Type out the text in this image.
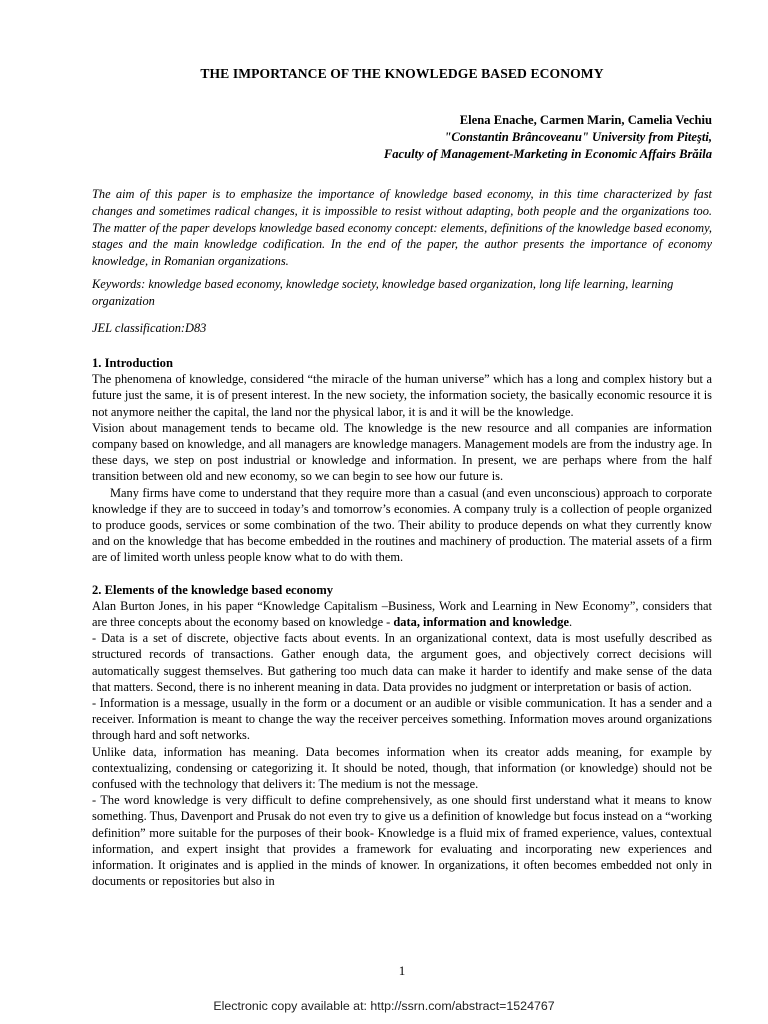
THE IMPORTANCE OF THE KNOWLEDGE BASED ECONOMY
Elena Enache, Carmen Marin, Camelia Vechiu
"Constantin Brâncoveanu" University from Piteşti,
Faculty of Management-Marketing in Economic Affairs Brăila
The aim of this paper is to emphasize the importance of knowledge based economy, in this time characterized by fast changes and sometimes radical changes, it is impossible to resist without adapting, both people and the organizations too. The matter of the paper develops knowledge based economy concept: elements, definitions of the knowledge based economy, stages and the main knowledge codification. In the end of the paper, the author presents the importance of economy knowledge, in Romanian organizations.
Keywords: knowledge based economy, knowledge society, knowledge based organization, long life learning, learning organization
JEL classification:D83
1. Introduction

The phenomena of knowledge, considered “the miracle of the human universe” which has a long and complex history but a future just the same, it is of present interest. In the new society, the information society, the basically economic resource it is not anymore neither the capital, the land nor the physical labor, it is and it will be the knowledge.

Vision about management tends to became old. The knowledge is the new resource and all companies are information company based on knowledge, and all managers are knowledge managers. Management models are from the industry age. In these days, we step on post industrial or knowledge and information. In present, we are perhaps where from the half transition between old and new economy, so we can begin to see how our future is.

Many firms have come to understand that they require more than a casual (and even unconscious) approach to corporate knowledge if they are to succeed in today’s and tomorrow’s economies. A company truly is a collection of people organized to produce goods, services or some combination of the two. Their ability to produce depends on what they currently know and on the knowledge that has become embedded in the routines and machinery of production. The material assets of a firm are of limited worth unless people know what to do with them.

2. Elements of the knowledge based economy

Alan Burton Jones, in his paper “Knowledge Capitalism –Business, Work and Learning in New Economy”, considers that are three concepts about the economy based on knowledge - data, information and knowledge.

- Data is a set of discrete, objective facts about events. In an organizational context, data is most usefully described as structured records of transactions. Gather enough data, the argument goes, and objectively correct decisions will automatically suggest themselves. But gathering too much data can make it harder to identify and make sense of the data that matters. Second, there is no inherent meaning in data. Data provides no judgment or interpretation or basis of action.

- Information is a message, usually in the form or a document or an audible or visible communication. It has a sender and a receiver. Information is meant to change the way the receiver perceives something. Information moves around organizations through hard and soft networks.

Unlike data, information has meaning. Data becomes information when its creator adds meaning, for example by contextualizing, condensing or categorizing it. It should be noted, though, that information (or knowledge) should not be confused with the technology that delivers it: The medium is not the message.

- The word knowledge is very difficult to define comprehensively, as one should first understand what it means to know something. Thus, Davenport and Prusak do not even try to give us a definition of knowledge but focus instead on a “working definition” more suitable for the purposes of their book- Knowledge is a fluid mix of framed experience, values, contextual information, and expert insight that provides a framework for evaluating and incorporating new experiences and information. It originates and is applied in the minds of knower. In organizations, it often becomes embedded not only in documents or repositories but also in

1
Electronic copy available at: http://ssrn.com/abstract=1524767
